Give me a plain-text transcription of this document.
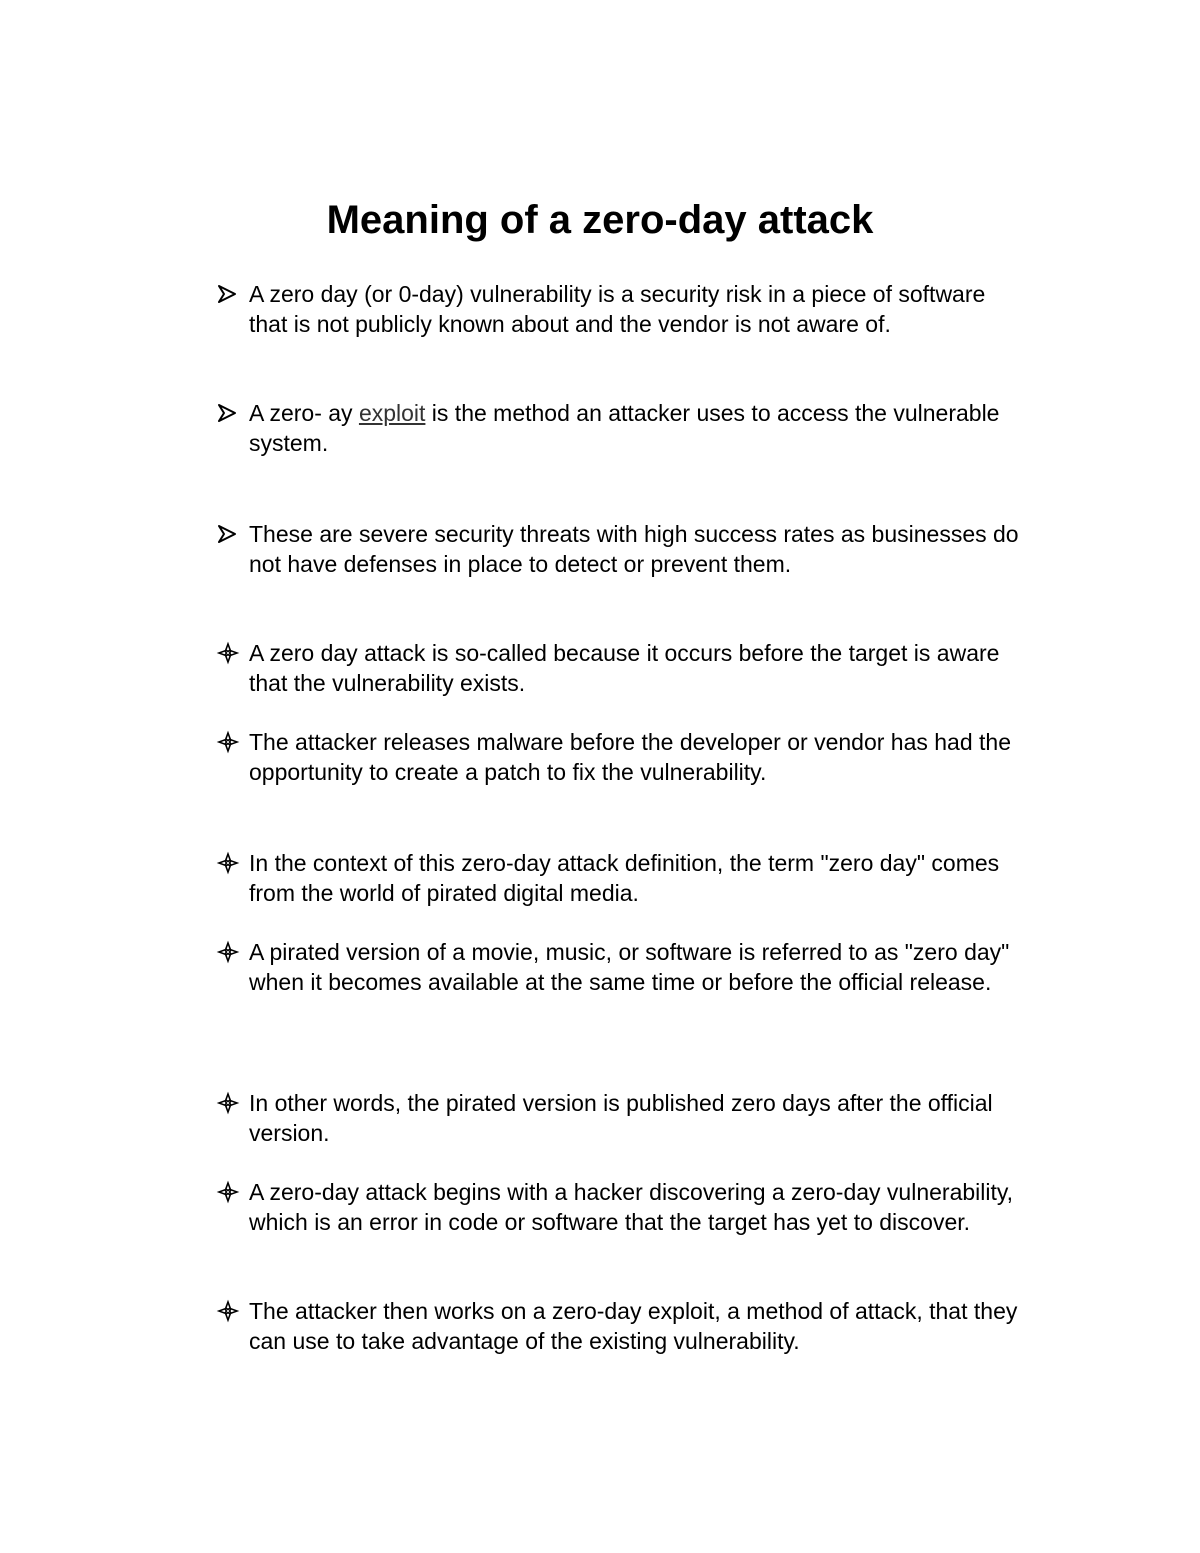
Meaning of a zero-day attack
A zero day (or 0-day) vulnerability is a security risk in a piece of software that is not publicly known about and the vendor is not aware of.
A zero- ay exploit is the method an attacker uses to access the vulnerable system.
These are severe security threats with high success rates as businesses do not have defenses in place to detect or prevent them.
A zero day attack is so-called because it occurs before the target is aware that the vulnerability exists.
The attacker releases malware before the developer or vendor has had the opportunity to create a patch to fix the vulnerability.
In the context of this zero-day attack definition, the term "zero day" comes from the world of pirated digital media.
A pirated version of a movie, music, or software is referred to as "zero day" when it becomes available at the same time or before the official release.
In other words, the pirated version is published zero days after the official version.
A zero-day attack begins with a hacker discovering a zero-day vulnerability, which is an error in code or software that the target has yet to discover.
The attacker then works on a zero-day exploit, a method of attack, that they can use to take advantage of the existing vulnerability.
